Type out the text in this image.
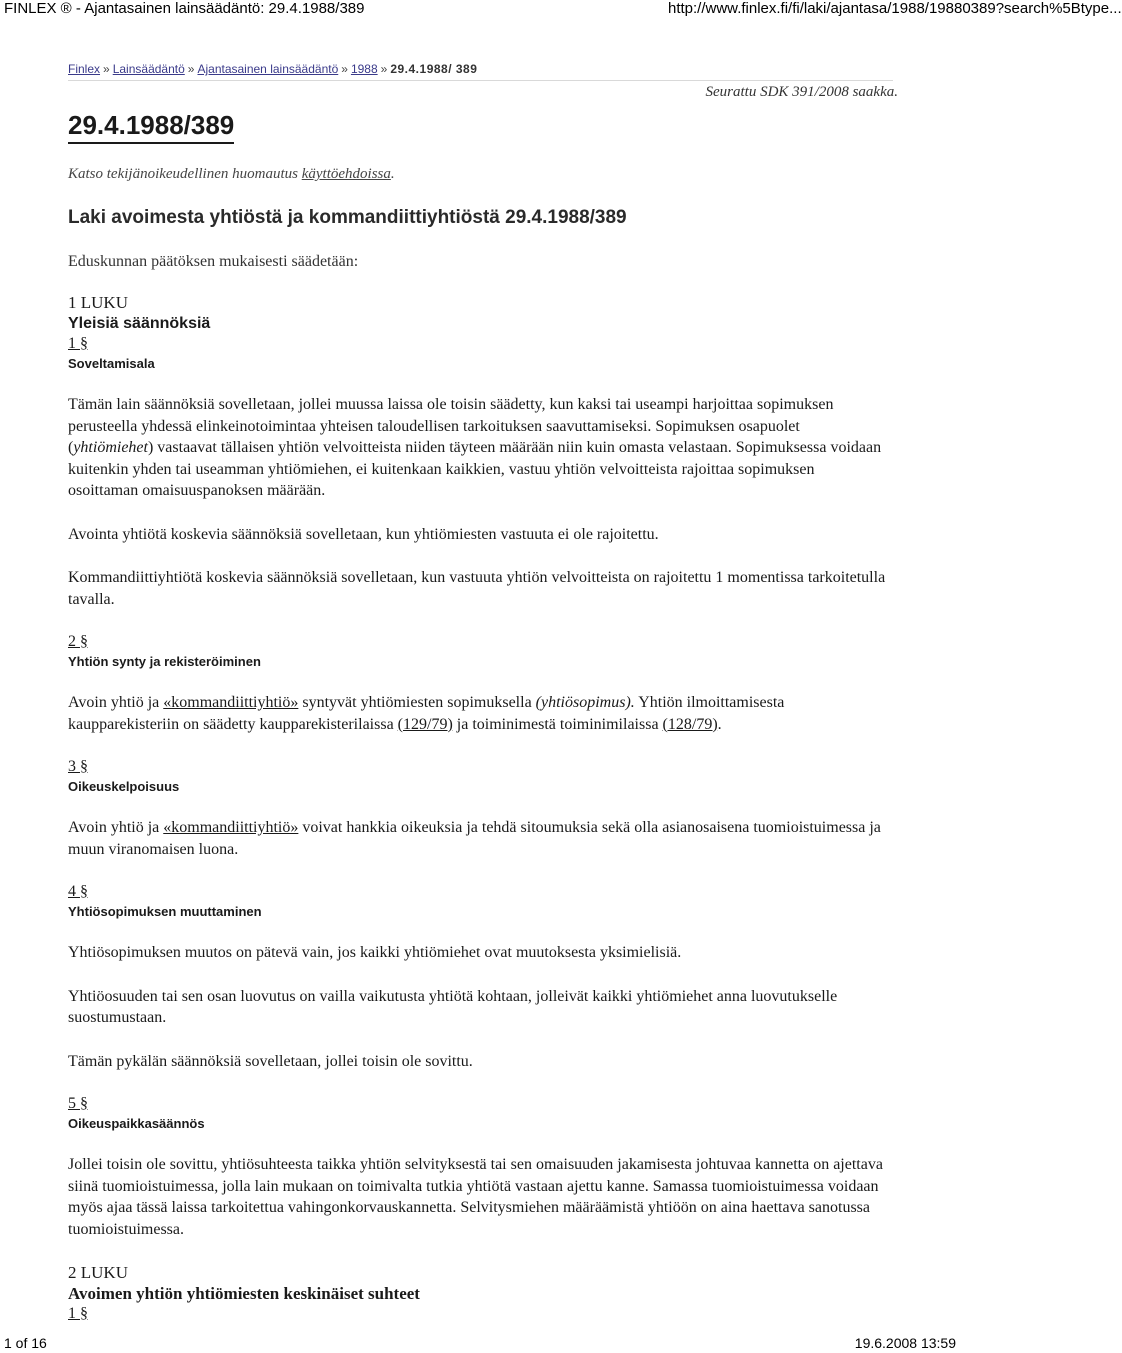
FINLEX ® - Ajantasainen lainsäädäntö: 29.4.1988/389	http://www.finlex.fi/fi/laki/ajantasa/1988/19880389?search%5Btype...
Finlex » Lainsäädäntö » Ajantasainen lainsäädäntö » 1988 » 29.4.1988/ 389
Seurattu SDK 391/2008 saakka.
29.4.1988/389
Katso tekijänoikeudellinen huomautus käyttöehdoissa.
Laki avoimesta yhtiöstä ja kommandiittiyhtiöstä 29.4.1988/389

Eduskunnan päätöksen mukaisesti säädetään:

1 LUKU
Yleisiä säännöksiä
1 §
Soveltamisala

Tämän lain säännöksiä sovelletaan, jollei muussa laissa ole toisin säädetty, kun kaksi tai useampi harjoittaa sopimuksen perusteella yhdessä elinkeinotoimintaa yhteisen taloudellisen tarkoituksen saavuttamiseksi. Sopimuksen osapuolet (yhtiömiehet) vastaavat tällaisen yhtiön velvoitteista niiden täyteen määrään niin kuin omasta velastaan. Sopimuksessa voidaan kuitenkin yhden tai useamman yhtiömiehen, ei kuitenkaan kaikkien, vastuu yhtiön velvoitteista rajoittaa sopimuksen osoittaman omaisuuspanoksen määrään.

Avointa yhtiötä koskevia säännöksiä sovelletaan, kun yhtiömiesten vastuuta ei ole rajoitettu.

Kommandiittiyhtiötä koskevia säännöksiä sovelletaan, kun vastuuta yhtiön velvoitteista on rajoitettu 1 momentissa tarkoitetulla tavalla.

2 §
Yhtiön synty ja rekisteröiminen

Avoin yhtiö ja «kommandiittiyhtiö» syntyvät yhtiömiesten sopimuksella (yhtiösopimus). Yhtiön ilmoittamisesta kaupparekisteriin on säädetty kaupparekisterilaissa (129/79) ja toiminimestä toiminimilaissa (128/79).

3 §
Oikeuskelpoisuus

Avoin yhtiö ja «kommandiittiyhtiö» voivat hankkia oikeuksia ja tehdä sitoumuksia sekä olla asianosaisena tuomioistuimessa ja muun viranomaisen luona.

4 §
Yhtiösopimuksen muuttaminen

Yhtiösopimuksen muutos on pätevä vain, jos kaikki yhtiömiehet ovat muutoksesta yksimielisiä.

Yhtiöosuuden tai sen osan luovutus on vailla vaikutusta yhtiötä kohtaan, jolleivät kaikki yhtiömiehet anna luovutukselle suostumustaan.

Tämän pykälän säännöksiä sovelletaan, jollei toisin ole sovittu.

5 §
Oikeuspaikkasäännös

Jollei toisin ole sovittu, yhtiösuhteesta taikka yhtiön selvityksestä tai sen omaisuuden jakamisesta johtuvaa kannetta on ajettava siinä tuomioistuimessa, jolla lain mukaan on toimivalta tutkia yhtiötä vastaan ajettu kanne. Samassa tuomioistuimessa voidaan myös ajaa tässä laissa tarkoitettua vahingonkorvauskannetta. Selvitysmiehen määräämistä yhtiöön on aina haettava sanotussa tuomioistuimessa.

2 LUKU
Avoimen yhtiön yhtiömiesten keskinäiset suhteet
1 §
1 of 16	19.6.2008 13:59
